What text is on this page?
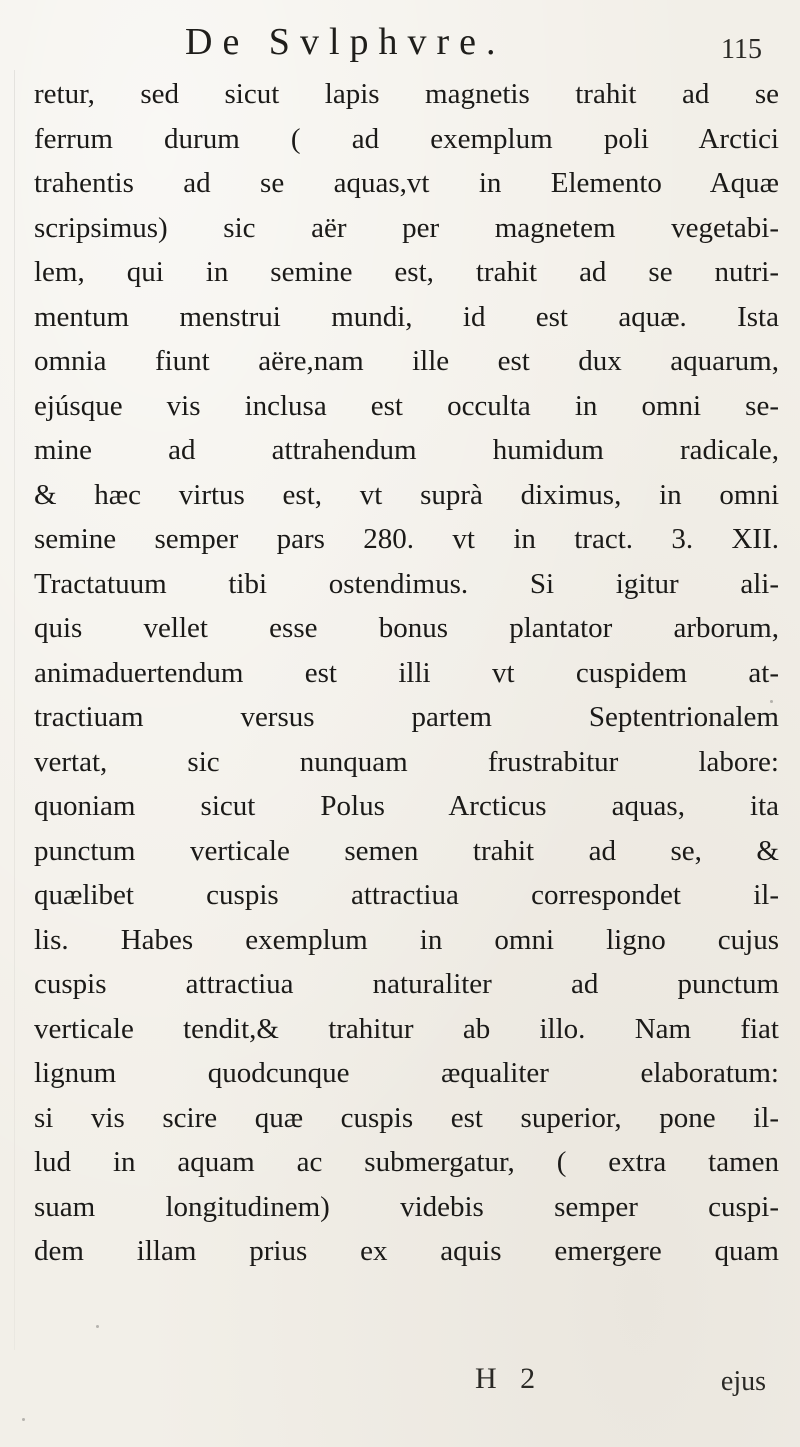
De Svlphvre.	115
retur, sed sicut lapis magnetis trahit ad se
ferrum durum ( ad exemplum poli Arctici
trahentis ad se aquas,vt in Elemento Aquæ
scripsimus) sic aër per magnetem vegetabi-
lem, qui in semine est, trahit ad se nutri-
mentum menstrui mundi, id est aquæ. Ista
omnia fiunt aëre,nam ille est dux aquarum,
ejúsque vis inclusa est occulta in omni se-
mine ad attrahendum humidum radicale,
& hæc virtus est, vt suprà diximus, in omni
semine semper pars 280. vt in tract. 3. XII.
Tractatuum tibi ostendimus. Si igitur ali-
quis vellet esse bonus plantator arborum,
animaduertendum est illi vt cuspidem at-
tractiuam versus partem Septentrionalem
vertat, sic nunquam frustrabitur labore:
quoniam sicut Polus Arcticus aquas, ita
punctum verticale semen trahit ad se, &
quælibet cuspis attractiua correspondet il-
lis. Habes exemplum in omni ligno cujus
cuspis attractiua naturaliter ad punctum
verticale tendit,& trahitur ab illo. Nam fiat
lignum quodcunque æqualiter elaboratum:
si vis scire quæ cuspis est superior, pone il-
lud in aquam ac submergatur, ( extra tamen
suam longitudinem) videbis semper cuspi-
dem illam prius ex aquis emergere quam
H 2	ejus
